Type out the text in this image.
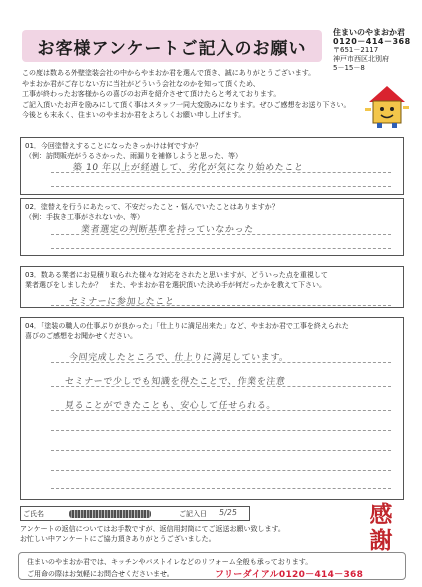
お客様アンケートご記入のお願い
住まいのやまおか君
0120－414－368
〒651－2117
神戸市西区北別府
5－15－8
この度は数ある外壁塗装会社の中からやまおか君を選んで頂き、誠にありがとうございます。
やまおか君がご存じない方に当社がどういう会社なのかを知って頂くため、
工事が終わったお客様からの喜びのお声を紹介させて頂けたらと考えております。
ご記入頂いたお声を励みにして頂く事はスタッフ一同大変励みになります。ぜひご感想をお送り下さい。
今後とも末永く、住まいのやまおか君をよろしくお願い申し上げます。
01．今回塗替えすることになったきっかけは何ですか？
（例：訪問販売がうるさかった、雨漏りを補修しようと思った、等）
築 10 年以上が経過して、劣化が気になり始めたこと
02．塗替えを行うにあたって、不安だったこと・悩んでいたことはありますか？
（例：手抜き工事がされないか、等）
業者選定の判断基準を持っていなかった
03．数ある業者にお見積り取られた様々な対応をされたと思いますが、どういった点を重視して
業者選びをしましたか？　また、やまおか君を選択頂いた決め手が何だったかを教えて下さい。
セミナーに参加したこと
04．「塗装の職人の仕事ぶりが良かった」「仕上りに満足出来た」など、やまおか君で工事を終えられた
喜びのご感想をお聞かせください。
今回完成したところで、仕上りに満足しています。
セミナーで少しでも知識を得たことで、作業を注意
見ることができたことも、安心して任せられる。
ご氏名	ご記入日 5/25
アンケートの返信についてはお手数ですが、返信用封筒にてご返送お願い致します。
お忙しい中アンケートにご協力頂きありがとうございました。
感謝
住まいのやまおか君では、キッチンやバストイレなどのリフォーム全般も承っております。
ご用命の際はお気軽にお問合せくださいませ。	フリーダイアル0120－414－368
